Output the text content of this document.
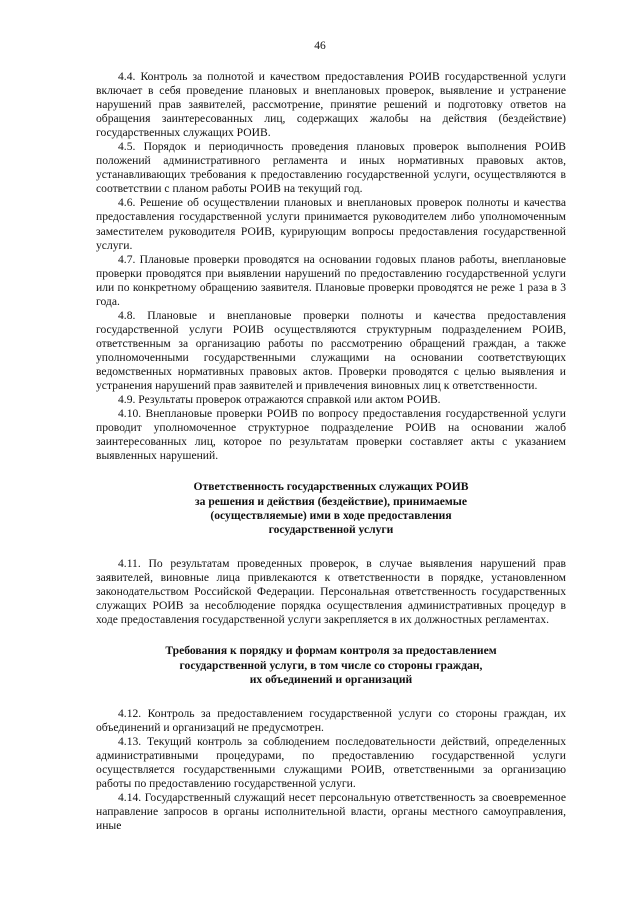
46

4.4. Контроль за полнотой и качеством предоставления РОИВ государственной услуги включает в себя проведение плановых и внеплановых проверок, выявление и устранение нарушений прав заявителей, рассмотрение, принятие решений и подготовку ответов на обращения заинтересованных лиц, содержащих жалобы на действия (бездействие) государственных служащих РОИВ.

4.5. Порядок и периодичность проведения плановых проверок выполнения РОИВ положений административного регламента и иных нормативных правовых актов, устанавливающих требования к предоставлению государственной услуги, осуществляются в соответствии с планом работы РОИВ на текущий год.

4.6. Решение об осуществлении плановых и внеплановых проверок полноты и качества предоставления государственной услуги принимается руководителем либо уполномоченным заместителем руководителя РОИВ, курирующим вопросы предоставления государственной услуги.

4.7. Плановые проверки проводятся на основании годовых планов работы, внеплановые проверки проводятся при выявлении нарушений по предоставлению государственной услуги или по конкретному обращению заявителя. Плановые проверки проводятся не реже 1 раза в 3 года.

4.8. Плановые и внеплановые проверки полноты и качества предоставления государственной услуги РОИВ осуществляются структурным подразделением РОИВ, ответственным за организацию работы по рассмотрению обращений граждан, а также уполномоченными государственными служащими на основании соответствующих ведомственных нормативных правовых актов. Проверки проводятся с целью выявления и устранения нарушений прав заявителей и привлечения виновных лиц к ответственности.

4.9. Результаты проверок отражаются справкой или актом РОИВ.

4.10. Внеплановые проверки РОИВ по вопросу предоставления государственной услуги проводит уполномоченное структурное подразделение РОИВ на основании жалоб заинтересованных лиц, которое по результатам проверки составляет акты с указанием выявленных нарушений.

Ответственность государственных служащих РОИВ

за решения и действия (бездействие), принимаемые

(осуществляемые) ими в ходе предоставления

государственной услуги

4.11. По результатам проведенных проверок, в случае выявления нарушений прав заявителей, виновные лица привлекаются к ответственности в порядке, установленном законодательством Российской Федерации. Персональная ответственность государственных служащих РОИВ за несоблюдение порядка осуществления административных процедур в ходе предоставления государственной услуги закрепляется в их должностных регламентах.

Требования к порядку и формам контроля за предоставлением

государственной услуги, в том числе со стороны граждан,

их объединений и организаций

4.12. Контроль за предоставлением государственной услуги со стороны граждан, их объединений и организаций не предусмотрен.

4.13. Текущий контроль за соблюдением последовательности действий, определенных административными процедурами, по предоставлению государственной услуги осуществляется государственными служащими РОИВ, ответственными за организацию работы по предоставлению государственной услуги.

4.14. Государственный служащий несет персональную ответственность за своевременное направление запросов в органы исполнительной власти, органы местного самоуправления, иные
